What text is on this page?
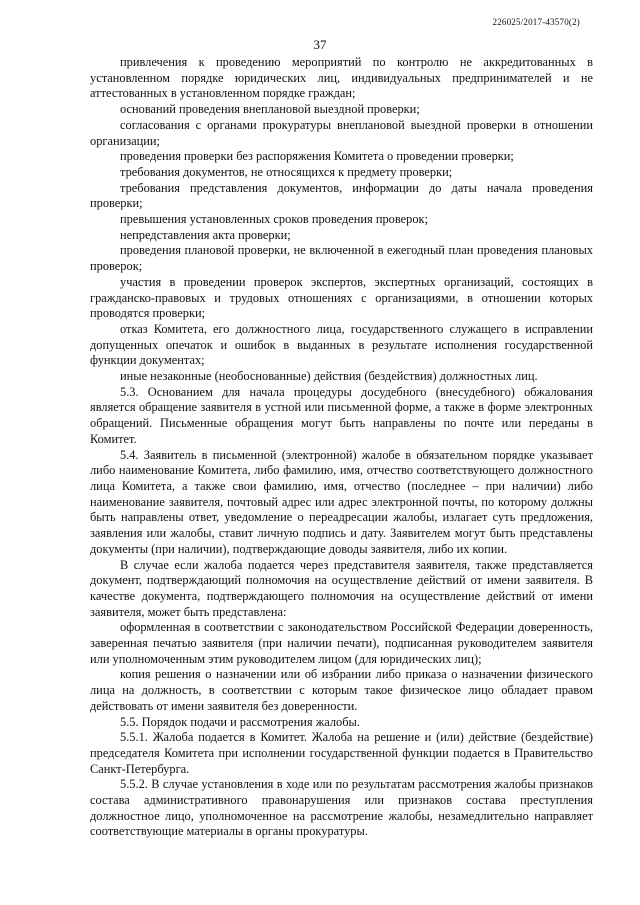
226025/2017-43570(2)
37

привлечения к проведению мероприятий по контролю не аккредитованных в установленном порядке юридических лиц, индивидуальных предпринимателей и не аттестованных в установленном порядке граждан;

оснований проведения внеплановой выездной проверки;

согласования с органами прокуратуры внеплановой выездной проверки в отношении организации;

проведения проверки без распоряжения Комитета о проведении проверки;

требования документов, не относящихся к предмету проверки;

требования представления документов, информации до даты начала проведения проверки;

превышения установленных сроков проведения проверок;

непредставления акта проверки;

проведения плановой проверки, не включенной в ежегодный план проведения плановых проверок;

участия в проведении проверок экспертов, экспертных организаций, состоящих в гражданско-правовых и трудовых отношениях с организациями, в отношении которых проводятся проверки;

отказ Комитета, его должностного лица, государственного служащего в исправлении допущенных опечаток и ошибок в выданных в результате исполнения государственной функции документах;

иные незаконные (необоснованные) действия (бездействия) должностных лиц.

5.3. Основанием для начала процедуры досудебного (внесудебного) обжалования является обращение заявителя в устной или письменной форме, а также в форме электронных обращений. Письменные обращения могут быть направлены по почте или переданы в Комитет.

5.4. Заявитель в письменной (электронной) жалобе в обязательном порядке указывает либо наименование Комитета, либо фамилию, имя, отчество соответствующего должностного лица Комитета, а также свои фамилию, имя, отчество (последнее – при наличии) либо наименование заявителя, почтовый адрес или адрес электронной почты, по которому должны быть направлены ответ, уведомление о переадресации жалобы, излагает суть предложения, заявления или жалобы, ставит личную подпись и дату. Заявителем могут быть представлены документы (при наличии), подтверждающие доводы заявителя, либо их копии.

В случае если жалоба подается через представителя заявителя, также представляется документ, подтверждающий полномочия на осуществление действий от имени заявителя. В качестве документа, подтверждающего полномочия на осуществление действий от имени заявителя, может быть представлена:

оформленная в соответствии с законодательством Российской Федерации доверенность, заверенная печатью заявителя (при наличии печати), подписанная руководителем заявителя или уполномоченным этим руководителем лицом (для юридических лиц);

копия решения о назначении или об избрании либо приказа о назначении физического лица на должность, в соответствии с которым такое физическое лицо обладает правом действовать от имени заявителя без доверенности.

5.5. Порядок подачи и рассмотрения жалобы.

5.5.1. Жалоба подается в Комитет. Жалоба на решение и (или) действие (бездействие) председателя Комитета при исполнении государственной функции подается в Правительство Санкт-Петербурга.

5.5.2. В случае установления в ходе или по результатам рассмотрения жалобы признаков состава административного правонарушения или признаков состава преступления должностное лицо, уполномоченное на рассмотрение жалобы, незамедлительно направляет соответствующие материалы в органы прокуратуры.
